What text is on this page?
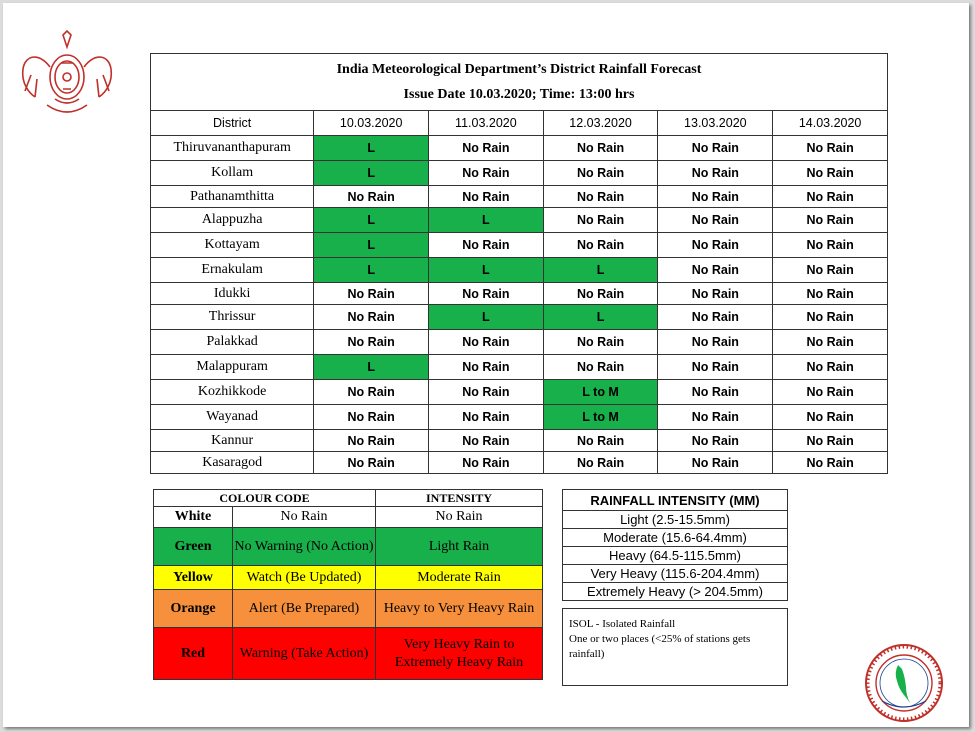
India Meteorological Department’s District Rainfall Forecast
Issue Date 10.03.2020; Time: 13:00 hrs					
District	10.03.2020	11.03.2020	12.03.2020	13.03.2020	14.03.2020
Thiruvananthapuram	L	No Rain	No Rain	No Rain	No Rain
Kollam	L	No Rain	No Rain	No Rain	No Rain
Pathanamthitta	No Rain	No Rain	No Rain	No Rain	No Rain
Alappuzha	L	L	No Rain	No Rain	No Rain
Kottayam	L	No Rain	No Rain	No Rain	No Rain
Ernakulam	L	L	L	No Rain	No Rain
Idukki	No Rain	No Rain	No Rain	No Rain	No Rain
Thrissur	No Rain	L	L	No Rain	No Rain
Palakkad	No Rain	No Rain	No Rain	No Rain	No Rain
Malappuram	L	No Rain	No Rain	No Rain	No Rain
Kozhikkode	No Rain	No Rain	L to M	No Rain	No Rain
Wayanad	No Rain	No Rain	L to M	No Rain	No Rain
Kannur	No Rain	No Rain	No Rain	No Rain	No Rain
Kasaragod	No Rain	No Rain	No Rain	No Rain	No Rain
COLOUR CODE		INTENSITY
White	No Rain	No Rain
Green	No Warning (No Action)	Light Rain
Yellow	Watch (Be Updated)	Moderate Rain
Orange	Alert (Be Prepared)	Heavy to Very Heavy Rain
Red	Warning (Take Action)	Very Heavy Rain to Extremely Heavy Rain
RAINFALL INTENSITY (MM)
Light (2.5-15.5mm)
Moderate (15.6-64.4mm)
Heavy (64.5-115.5mm)
Very Heavy (115.6-204.4mm)
Extremely Heavy (> 204.5mm)
ISOL - Isolated Rainfall
One or two places (<25% of stations gets rainfall)
